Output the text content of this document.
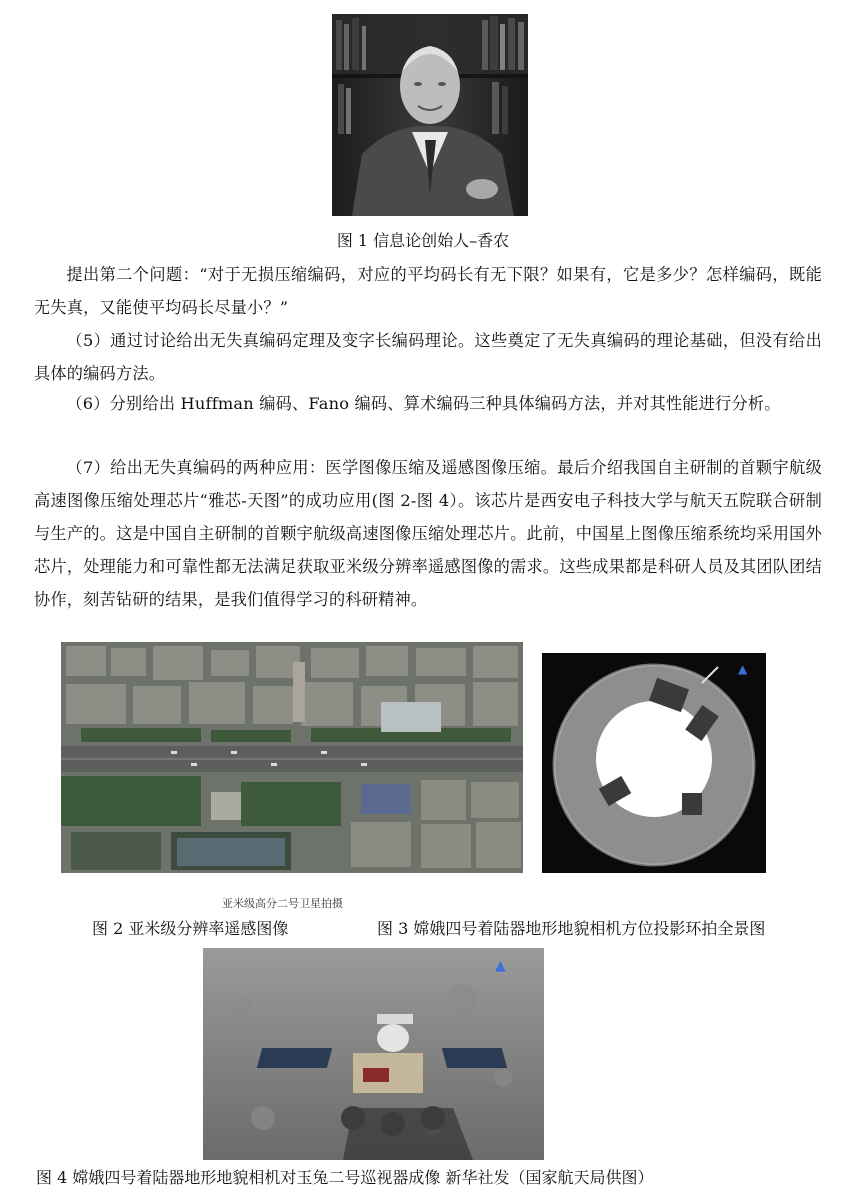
图 1 信息论创始人–香农

提出第二个问题：“对于无损压缩编码，对应的平均码长有无下限？如果有，它是多少？怎样编码，既能无失真，又能使平均码长尽量小？”

（5）通过讨论给出无失真编码定理及变字长编码理论。这些奠定了无失真编码的理论基础，但没有给出具体的编码方法。

（6）分别给出 Huffman 编码、Fano 编码、算术编码三种具体编码方法，并对其性能进行分析。

（7）给出无失真编码的两种应用：医学图像压缩及遥感图像压缩。最后介绍我国自主研制的首颗宇航级高速图像压缩处理芯片“雅芯-天图”的成功应用(图 2-图 4）。该芯片是西安电子科技大学与航天五院联合研制与生产的。这是中国自主研制的首颗宇航级高速图像压缩处理芯片。此前，中国星上图像压缩系统均采用国外芯片，处理能力和可靠性都无法满足获取亚米级分辨率遥感图像的需求。这些成果都是科研人员及其团队团结协作，刻苦钻研的结果，是我们值得学习的科研精神。

亚米级高分二号卫星拍摄
▲
图 2 亚米级分辨率遥感图像	图 3 嫦娥四号着陆器地形地貌相机方位投影环拍全景图
▲
图 4 嫦娥四号着陆器地形地貌相机对玉兔二号巡视器成像 新华社发（国家航天局供图）
